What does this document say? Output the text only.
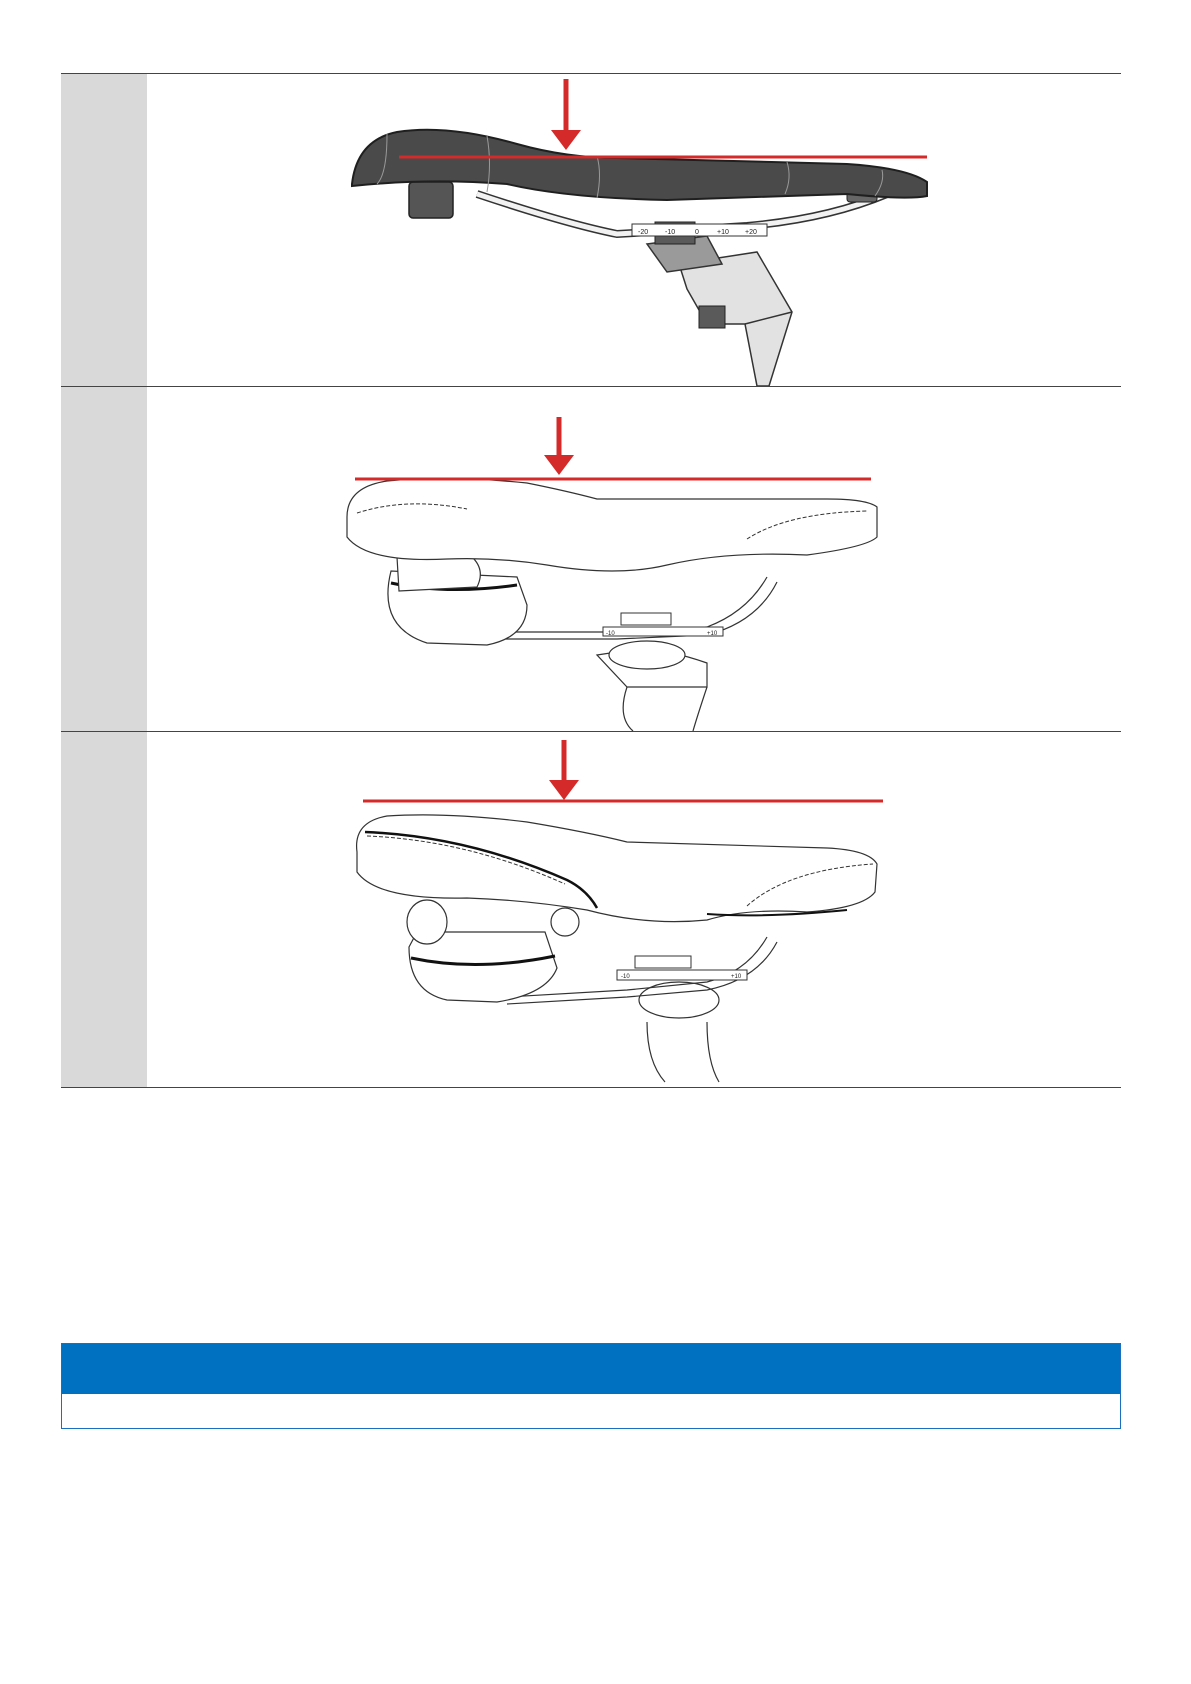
-20 -10	0	+10 +20
-10	+10
-10	+10
